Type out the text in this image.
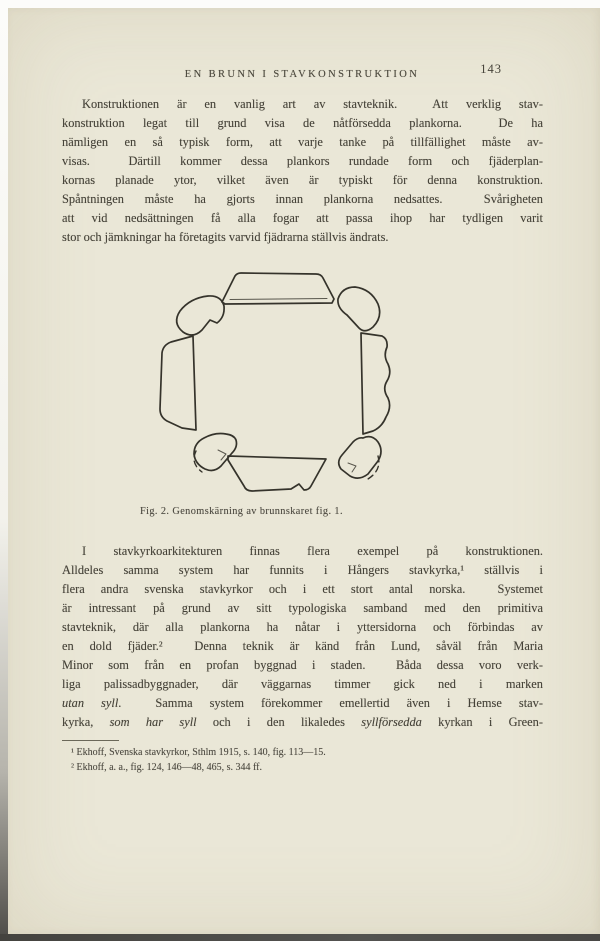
EN BRUNN I STAVKONSTRUKTION	143
Konstruktionen är en vanlig art av stavteknik.  Att verklig stav-
konstruktion legat till grund visa de nåtförsedda plankorna.  De ha
nämligen en så typisk form, att varje tanke på tillfällighet måste av-
visas.  Därtill kommer dessa plankors rundade form och fjäderplan-
kornas planade ytor, vilket även är typiskt för denna konstruktion.
Spåntningen måste ha gjorts innan plankorna nedsattes.  Svårigheten
att vid nedsättningen få alla fogar att passa ihop har tydligen varit
stor och jämkningar ha företagits varvid fjädrarna ställvis ändrats.
Fig. 2. Genomskärning av brunnskaret fig. 1.
I stavkyrkoarkitekturen finnas flera exempel på konstruktionen.
Alldeles samma system har funnits i Hångers stavkyrka,¹ ställvis i
flera andra svenska stavkyrkor och i ett stort antal norska.  Systemet
är intressant på grund av sitt typologiska samband med den primitiva
stavteknik, där alla plankorna ha nåtar i yttersidorna och förbindas av
en dold fjäder.²  Denna teknik är känd från Lund, såväl från Maria
Minor som från en profan byggnad i staden.  Båda dessa voro verk-
liga palissadbyggnader, där väggarnas timmer gick ned i marken
utan syll.  Samma system förekommer emellertid även i Hemse stav-
kyrka, som har syll och i den likaledes syllförsedda kyrkan i Green-
¹ Ekhoff, Svenska stavkyrkor, Sthlm 1915, s. 140, fig. 113—15.
² Ekhoff, a. a., fig. 124, 146—48, 465, s. 344 ff.
